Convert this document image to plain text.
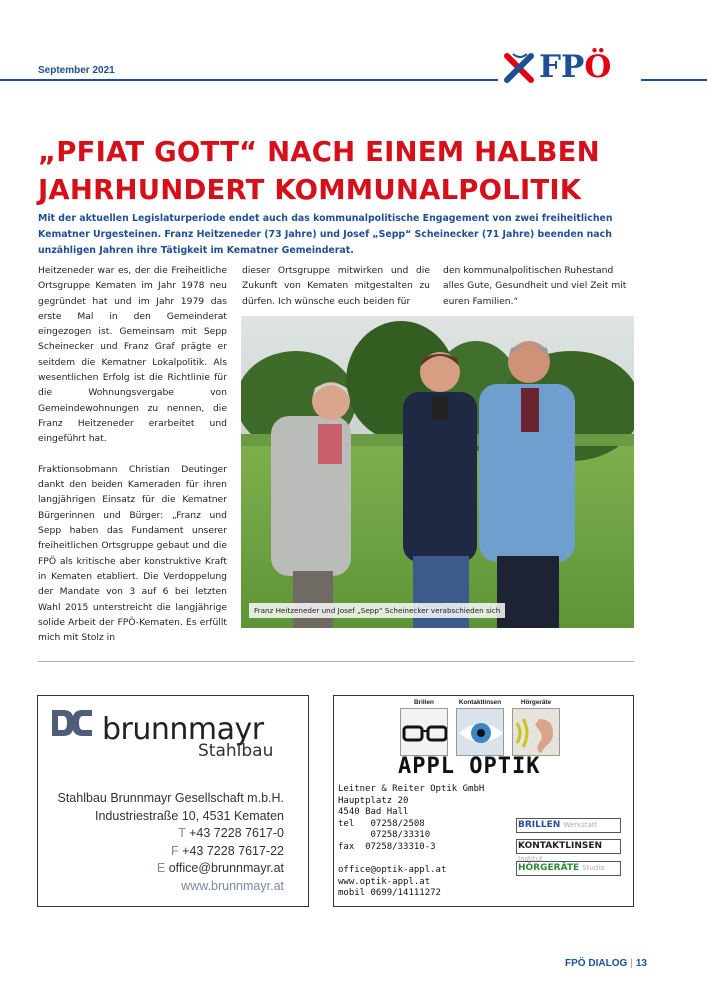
September 2021	FPÖ
„PFIAT GOTT“ NACH EINEM HALBEN
JAHRHUNDERT KOMMUNALPOLITIK
Mit der aktuellen Legislaturperiode endet auch das kommunalpolitische Engagement von zwei freiheitlichen Kematner Urgesteinen. Franz Heitzeneder (73 Jahre) und Josef „Sepp“ Scheinecker (71 Jahre) beenden nach unzähligen Jahren ihre Tätigkeit im Kematner Gemeinderat.

Heitzeneder war es, der die Freiheitliche Ortsgruppe Kematen im Jahr 1978 neu gegründet hat und im Jahr 1979 das erste Mal in den Gemeinderat eingezogen ist. Gemeinsam mit Sepp Scheinecker und Franz Graf prägte er seitdem die Kematner Lokalpolitik. Als wesentlichen Erfolg ist die Richtlinie für die Wohnungsvergabe von Gemeindewohnungen zu nennen, die Franz Heitzeneder erarbeitet und eingeführt hat.

Fraktionsobmann Christian Deutinger dankt den beiden Kameraden für ihren langjährigen Einsatz für die Kematner Bürgerinnen und Bürger: „Franz und Sepp haben das Fundament unserer freiheitlichen Ortsgruppe gebaut und die FPÖ als kritische aber konstruktive Kraft in Kematen etabliert. Die Verdoppelung der Mandate von 3 auf 6 bei letzten Wahl 2015 unterstreicht die langjährige solide Arbeit der FPÖ-Kematen. Es erfüllt mich mit Stolz in

dieser Ortsgruppe mitwirken und die Zukunft von Kematen mitgestalten zu dürfen. Ich wünsche euch beiden für

den kommunalpolitischen Ruhestand alles Gute, Gesundheit und viel Zeit mit euren Familien.“

Franz Heitzeneder und Josef „Sepp“ Scheinecker verabschieden sich
brunnmayr
Stahlbau
Stahlbau Brunnmayr Gesellschaft m.b.H.
Industriestraße 10, 4531 Kematen
T +43 7228 7617-0
F +43 7228 7617-22
E office@brunnmayr.at
www.brunnmayr.at
Brillen	Kontaktlinsen	Hörgeräte
APPL OPTIK
Leitner & Reiter Optik GmbH
Hauptplatz 20
4540 Bad Hall
tel   07258/2508
07258/33310
fax  07258/33310-3
office@optik-appl.at
www.optik-appl.at
mobil 0699/14111272
BRILLEN Werkstatt
KONTAKTLINSEN Institut
HÖRGERÄTE Studio
FPÖ DIALOG | 13
